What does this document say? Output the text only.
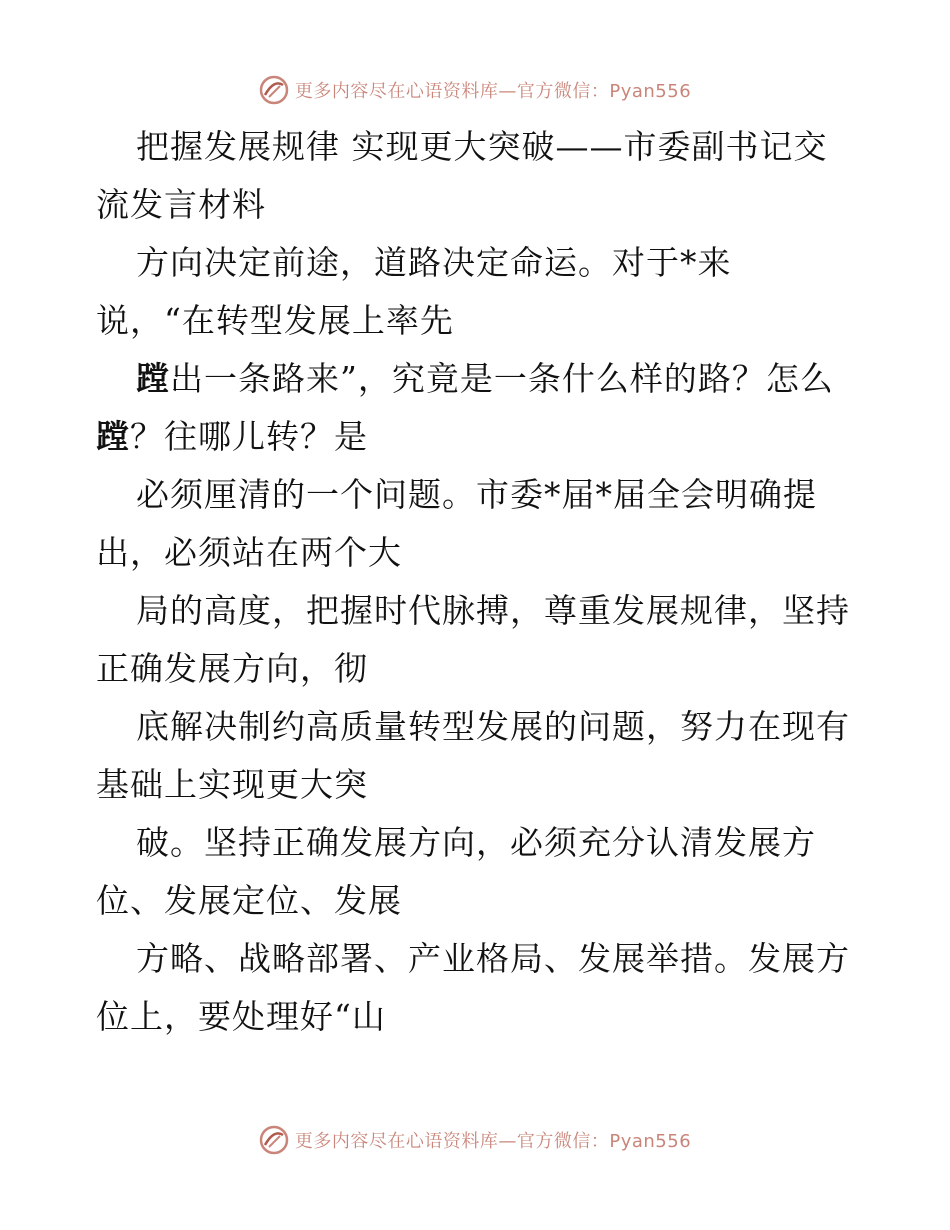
更多内容尽在心语资料库—官方微信：Pyan556
把握发展规律 实现更大突破——市委副书记交
流发言材料
方向决定前途，道路决定命运。对于*来
说，“在转型发展上率先
蹚出一条路来”，究竟是一条什么样的路？怎么
蹚？往哪儿转？是
必须厘清的一个问题。市委*届*届全会明确提
出，必须站在两个大
局的高度，把握时代脉搏，尊重发展规律，坚持
正确发展方向，彻
底解决制约高质量转型发展的问题，努力在现有
基础上实现更大突
破。坚持正确发展方向，必须充分认清发展方
位、发展定位、发展
方略、战略部署、产业格局、发展举措。发展方
位上，要处理好“山
更多内容尽在心语资料库—官方微信：Pyan556
